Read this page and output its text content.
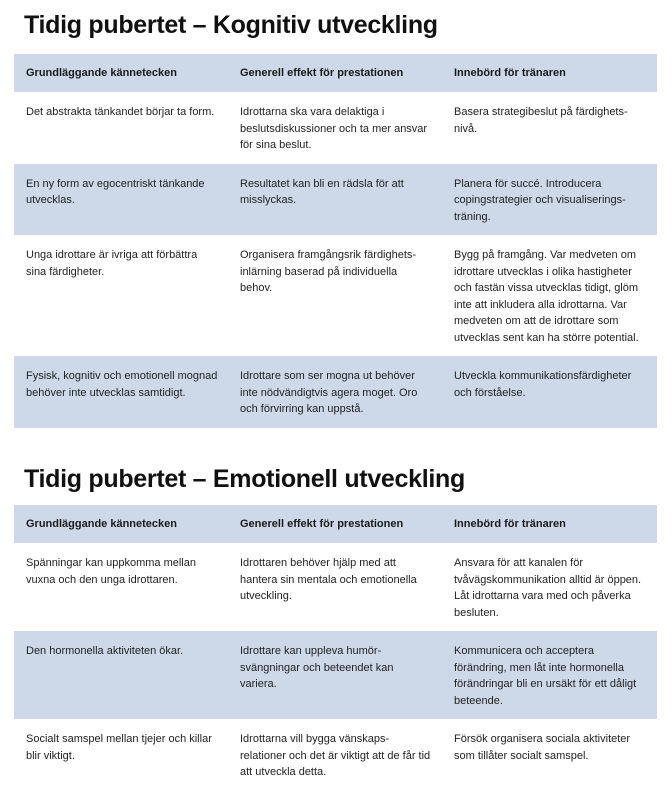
Tidig pubertet – Kognitiv utveckling
Grundläggande kännetecken	Generell effekt för prestationen	Innebörd för tränaren
Det abstrakta tänkandet börjar ta form.	Idrottarna ska vara delaktiga i beslutsdiskussioner och ta mer ansvar för sina beslut.	Basera strategibeslut på färdighets-nivå.
En ny form av egocentriskt tänkande utvecklas.	Resultatet kan bli en rädsla för att misslyckas.	Planera för succé. Introducera copingstrategier och visualiserings-träning.
Unga idrottare är ivriga att förbättra sina färdigheter.	Organisera framgångsrik färdighets-inlärning baserad på individuella behov.	Bygg på framgång. Var medveten om idrottare utvecklas i olika hastigheter och fastän vissa utvecklas tidigt, glöm inte att inkludera alla idrottarna. Var medveten om att de idrottare som utvecklas sent kan ha större potential.
Fysisk, kognitiv och emotionell mognad behöver inte utvecklas samtidigt.	Idrottare som ser mogna ut behöver inte nödvändigtvis agera moget. Oro och förvirring kan uppstå.	Utveckla kommunikationsfärdigheter och förståelse.
Tidig pubertet – Emotionell utveckling
Grundläggande kännetecken	Generell effekt för prestationen	Innebörd för tränaren
Spänningar kan uppkomma mellan vuxna och den unga idrottaren.	Idrottaren behöver hjälp med att hantera sin mentala och emotionella utveckling.	Ansvara för att kanalen för tvåvägskommunikation alltid är öppen. Låt idrottarna vara med och påverka besluten.
Den hormonella aktiviteten ökar.	Idrottare kan uppleva humör-svängningar och beteendet kan variera.	Kommunicera och acceptera förändring, men låt inte hormonella förändringar bli en ursäkt för ett dåligt beteende.
Socialt samspel mellan tjejer och killar blir viktigt.	Idrottarna vill bygga vänskaps-relationer och det är viktigt att de får tid att utveckla detta.	Försök organisera sociala aktiviteter som tillåter socialt samspel.
